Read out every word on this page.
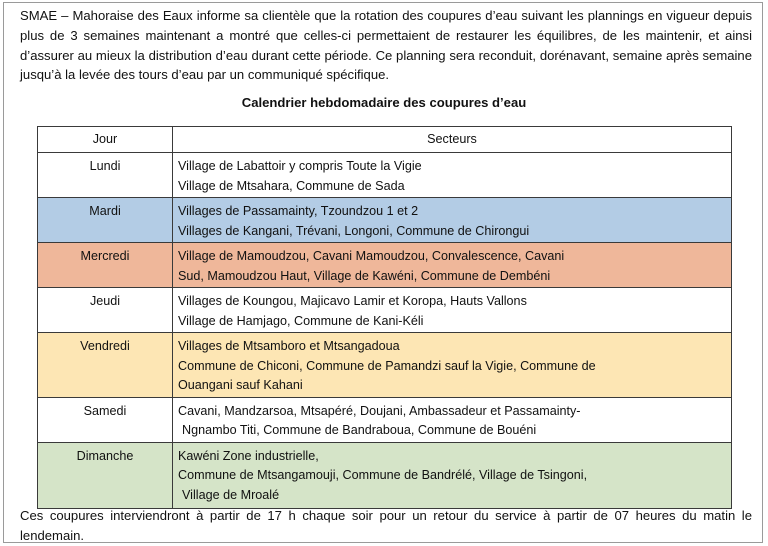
SMAE – Mahoraise des Eaux informe sa clientèle que la rotation des coupures d’eau suivant les plannings en vigueur depuis plus de 3 semaines maintenant a montré que celles-ci permettaient de restaurer les équilibres, de les maintenir, et ainsi d’assurer au mieux la distribution d’eau durant cette période. Ce planning sera reconduit, dorénavant, semaine après semaine jusqu’à la levée des tours d’eau par un communiqué spécifique.

Calendrier hebdomadaire des coupures d’eau

Jour	Secteurs
Lundi	Village de Labattoir y compris Toute la Vigie
Village de Mtsahara, Commune de Sada

Mardi	Villages de Passamainty, Tzoundzou 1 et 2
Villages de Kangani, Trévani, Longoni, Commune de Chirongui

Mercredi	Village de Mamoudzou, Cavani Mamoudzou, Convalescence, Cavani
Sud, Mamoudzou Haut, Village de Kawéni, Commune de Dembéni

Jeudi	Villages de Koungou, Majicavo Lamir et Koropa, Hauts Vallons
Village de Hamjago, Commune de Kani-Kéli

Vendredi	Villages de Mtsamboro et Mtsangadoua
Commune de Chiconi, Commune de Pamandzi sauf la Vigie, Commune de
Ouangani sauf Kahani

Samedi	Cavani, Mandzarsoa, Mtsapéré, Doujani, Ambassadeur et Passamainty-
Ngnambo Titi, Commune de Bandraboua, Commune de Bouéni

Dimanche	Kawéni Zone industrielle,
Commune de Mtsangamouji, Commune de Bandrélé, Village de Tsingoni,
Village de Mroalé

Ces coupures interviendront à partir de 17 h chaque soir pour un retour du service à partir de 07 heures du matin le lendemain.
